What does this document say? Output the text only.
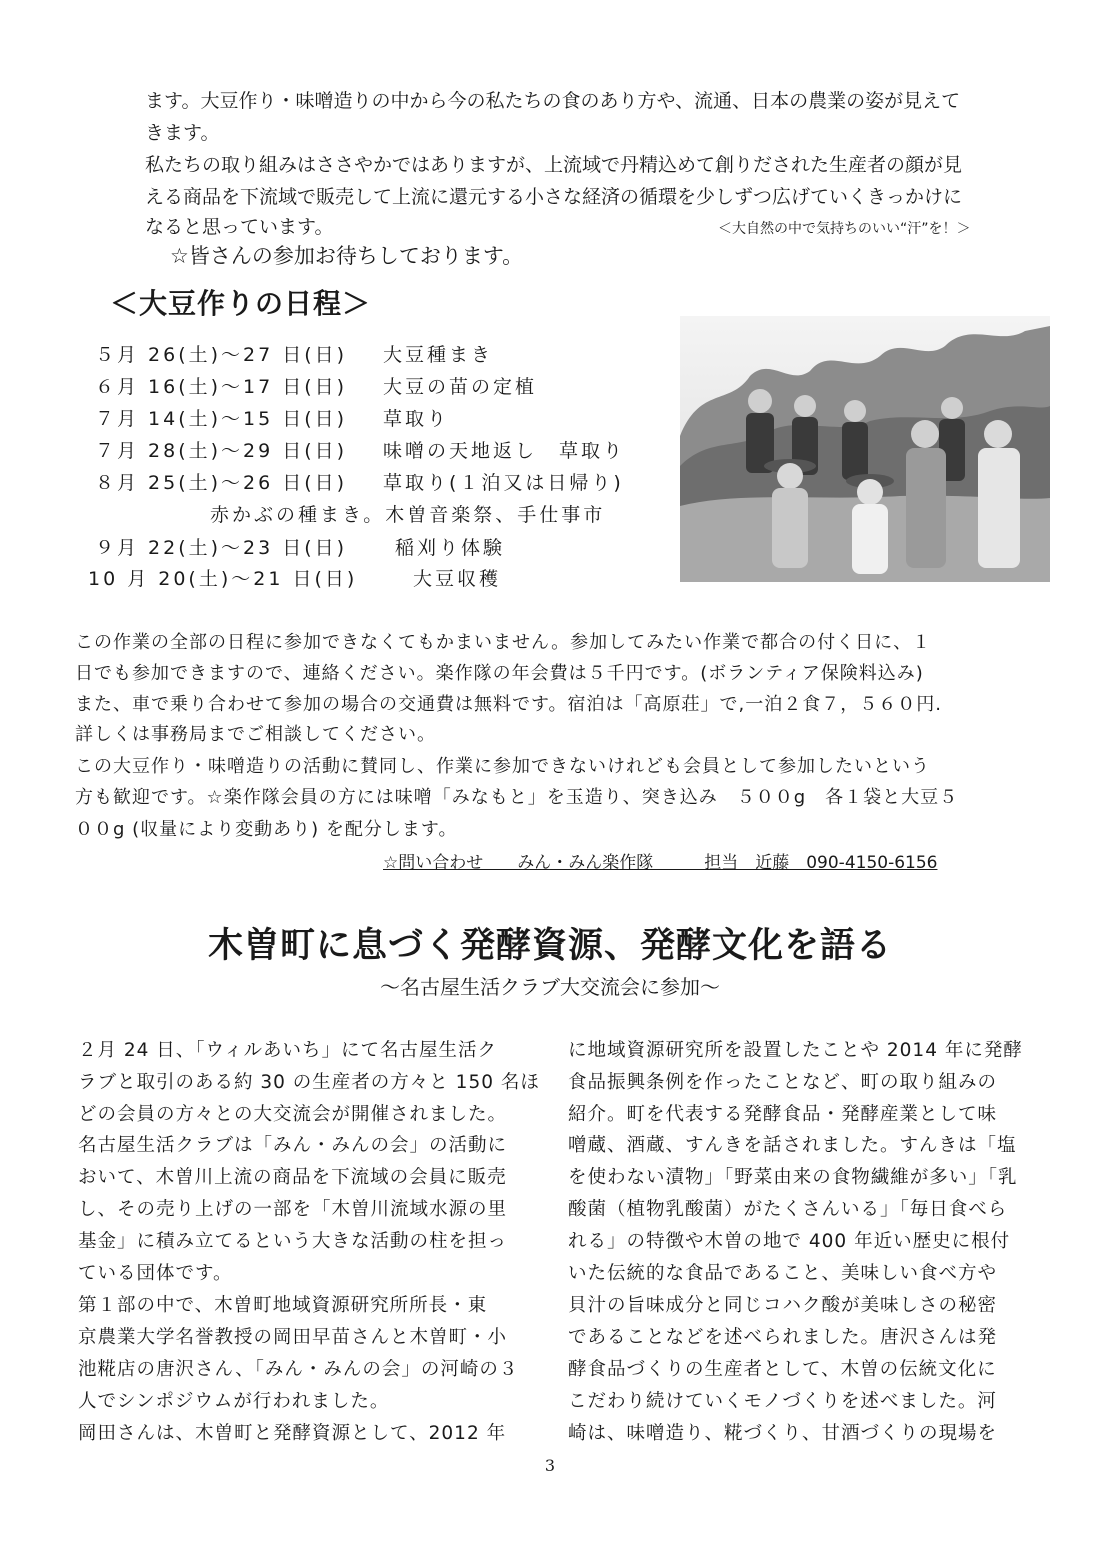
ます。大豆作り・味噌造りの中から今の私たちの食のあり方や、流通、日本の農業の姿が見えて
きます。
私たちの取り組みはささやかではありますが、上流域で丹精込めて創りだされた生産者の顔が見
える商品を下流域で販売して上流に還元する小さな経済の循環を少しずつ広げていくきっかけに
なると思っています。	＜大自然の中で気持ちのいい“汗”を！＞
☆皆さんの参加お待ちしております。
＜大豆作りの日程＞
５月 26(土)～27 日(日) 大豆種まき
６月 16(土)～17 日(日) 大豆の苗の定植
７月 14(土)～15 日(日) 草取り
７月 28(土)～29 日(日) 味噌の天地返し　草取り
８月 25(土)～26 日(日) 草取り(１泊又は日帰り)
赤かぶの種まき。木曽音楽祭、手仕事市
９月 22(土)～23 日(日)	稲刈り体験
10 月 20(土)～21 日(日)	大豆収穫
この作業の全部の日程に参加できなくてもかまいません。参加してみたい作業で都合の付く日に、１
日でも参加できますので、連絡ください。楽作隊の年会費は５千円です。(ボランティア保険料込み)
また、車で乗り合わせて参加の場合の交通費は無料です。宿泊は「高原荘」で,一泊２食７，５６０円.
詳しくは事務局までご相談してください。
この大豆作り・味噌造りの活動に賛同し、作業に参加できないけれども会員として参加したいという
方も歓迎です。☆楽作隊会員の方には味噌「みなもと」を玉造り、突き込み　５００g　各１袋と大豆５
００g (収量により変動あり) を配分します。
☆問い合わせ　　みん・みん楽作隊　　　担当　近藤　090-4150-6156
木曽町に息づく発酵資源、発酵文化を語る
～名古屋生活クラブ大交流会に参加～
２月 24 日、「ウィルあいち」にて名古屋生活ク
ラブと取引のある約 30 の生産者の方々と 150 名ほ
どの会員の方々との大交流会が開催されました。
名古屋生活クラブは「みん・みんの会」の活動に
おいて、木曽川上流の商品を下流域の会員に販売
し、その売り上げの一部を「木曽川流域水源の里
基金」に積み立てるという大きな活動の柱を担っ
ている団体です。
第１部の中で、木曽町地域資源研究所所長・東
京農業大学名誉教授の岡田早苗さんと木曽町・小
池糀店の唐沢さん、「みん・みんの会」の河崎の３
人でシンポジウムが行われました。
岡田さんは、木曽町と発酵資源として、2012 年
に地域資源研究所を設置したことや 2014 年に発酵
食品振興条例を作ったことなど、町の取り組みの
紹介。町を代表する発酵食品・発酵産業として味
噌蔵、酒蔵、すんきを話されました。すんきは「塩
を使わない漬物」「野菜由来の食物繊維が多い」「乳
酸菌（植物乳酸菌）がたくさんいる」「毎日食べら
れる」の特徴や木曽の地で 400 年近い歴史に根付
いた伝統的な食品であること、美味しい食べ方や
貝汁の旨味成分と同じコハク酸が美味しさの秘密
であることなどを述べられました。唐沢さんは発
酵食品づくりの生産者として、木曽の伝統文化に
こだわり続けていくモノづくりを述べました。河
崎は、味噌造り、糀づくり、甘酒づくりの現場を
3
